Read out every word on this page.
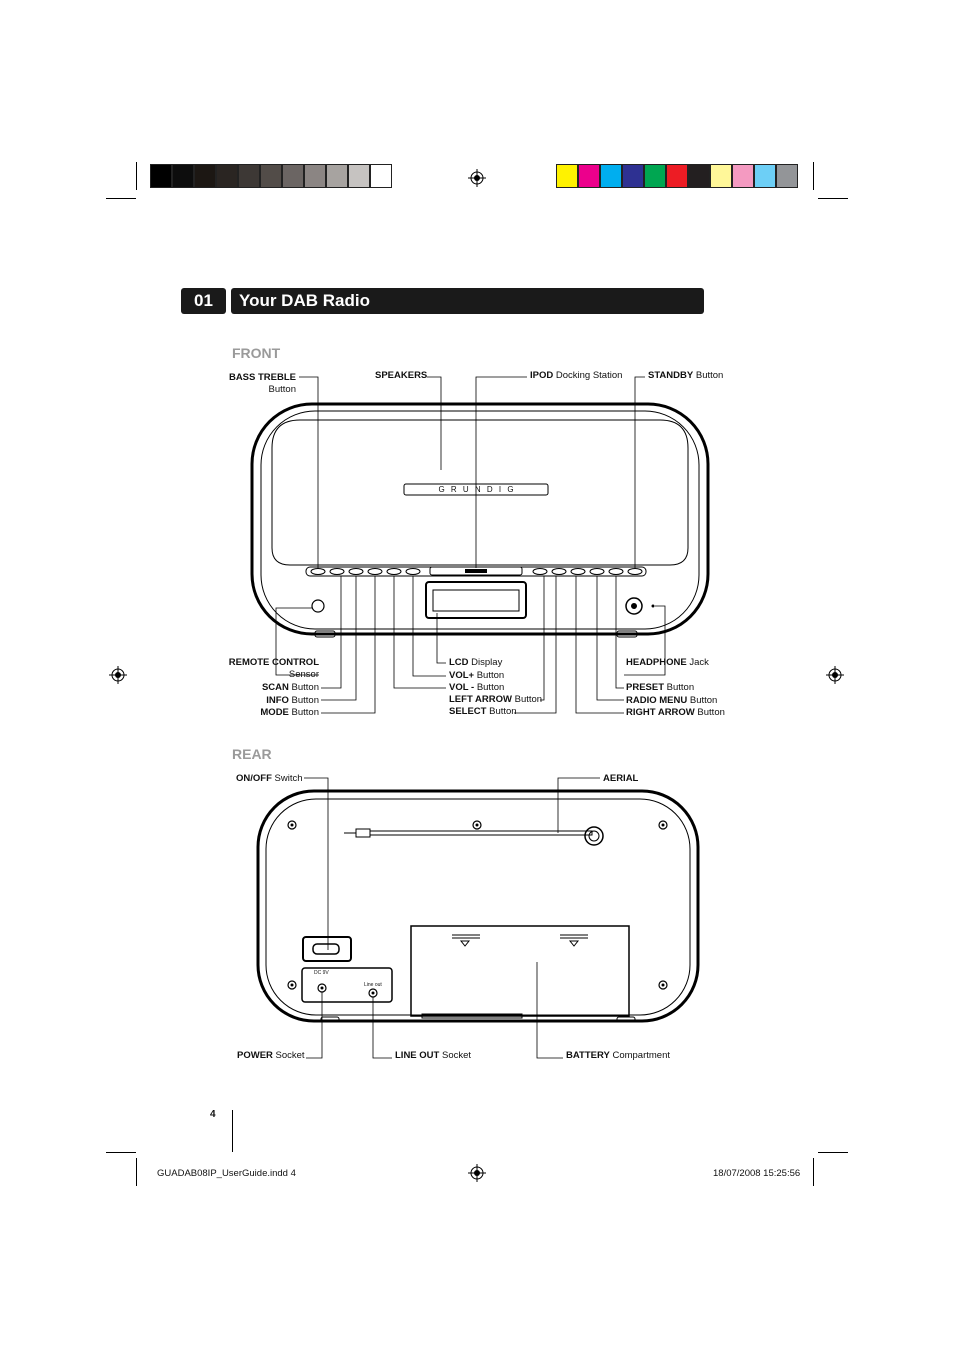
01	Your DAB Radio
FRONT
REAR
G R U N D I G
BASS TREBLE
Button
SPEAKERS	IPOD Docking Station	STANDBY Button
REMOTE CONTROL
Sensor
SCAN Button
INFO Button
MODE Button
LCD Display
VOL+ Button
VOL - Button
LEFT ARROW Button
SELECT Button
HEADPHONE Jack
PRESET Button
RADIO MENU Button
RIGHT ARROW Button
DC 9V
Line out
ON/OFF Switch	AERIAL
POWER Socket	LINE OUT Socket	BATTERY Compartment
4
GUADAB08IP_UserGuide.indd 4	18/07/2008 15:25:56
